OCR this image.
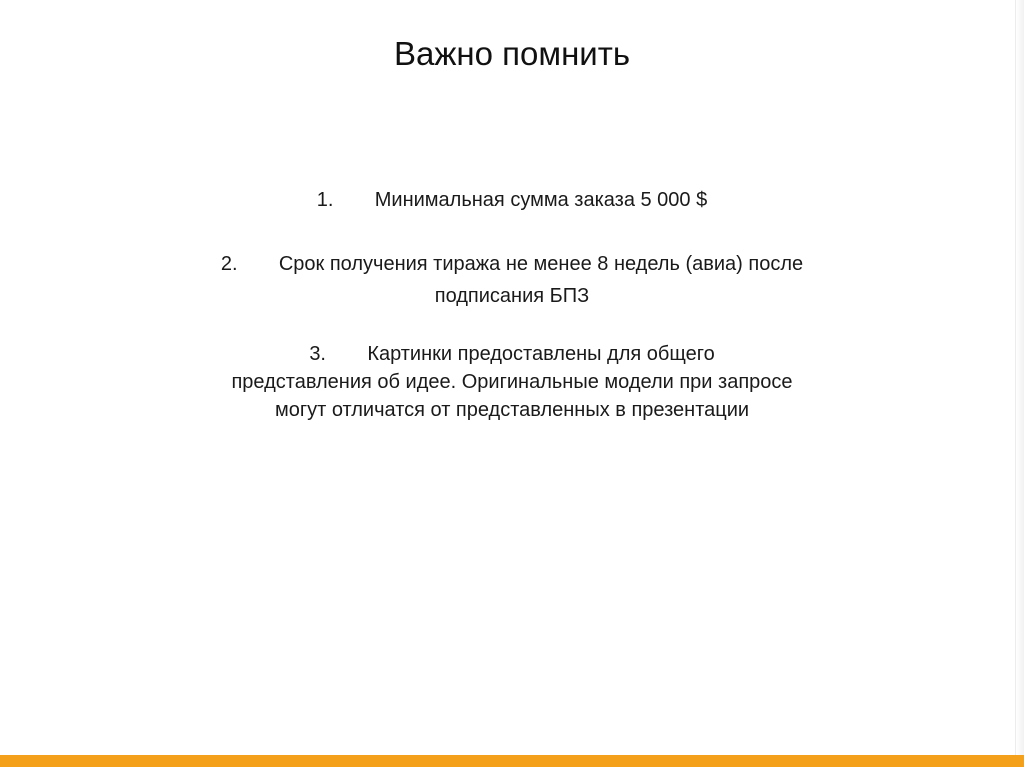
Важно помнить
1. Минимальная сумма заказа 5 000 $
2. Срок получения тиража не менее 8 недель (авиа) после
подписания БПЗ
3. Картинки предоставлены для общего
представления об идее. Оригинальные модели при запросе
могут отличатся от представленных в презентации
